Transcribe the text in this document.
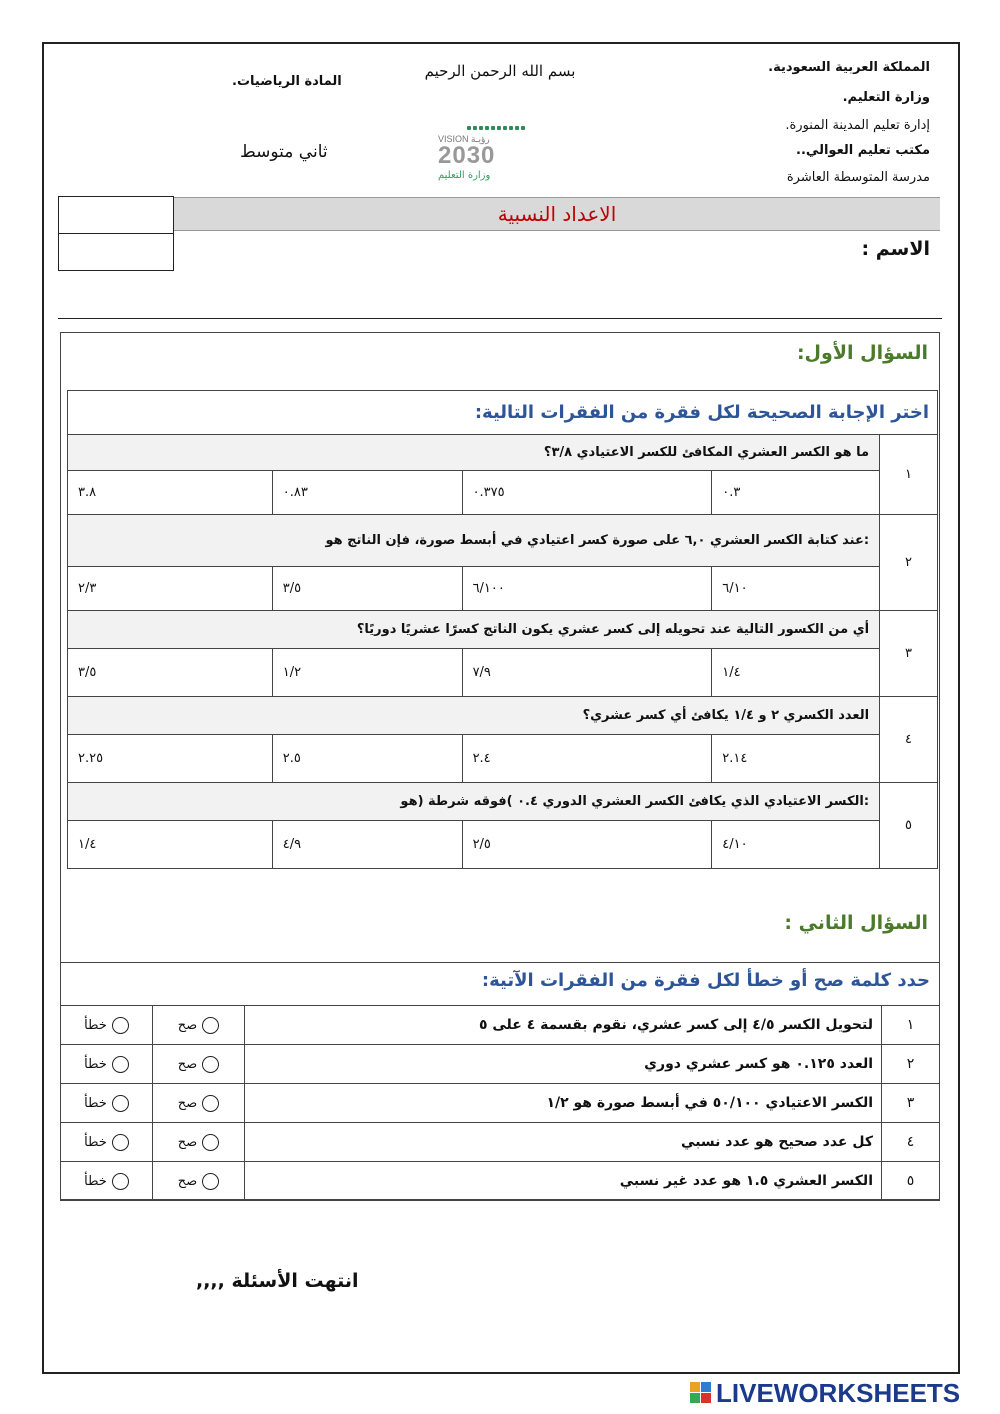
المملكة العربية السعودية.
وزارة التعليم.
إدارة تعليم المدينة المنورة.
مكتب تعليم العوالي..
مدرسة المتوسطة العاشرة
بسم الله الرحمن الرحيم
VISION رؤيـة
2030
وزارة التعليم
المادة الرياضيات.
ثاني متوسط
الاعداد النسبية
الاسم :
السؤال الأول:
اختر الإجابة الصحيحة لكل فقرة من الفقرات التالية:				

١	ما هو الكسر العشري المكافئ للكسر الاعتيادي ٣/٨؟			
	٠.٣	٠.٣٧٥	٠.٨٣	٣.٨
٢	:عند كتابة الكسر العشري ٦,٠ على صورة كسر اعتيادي في أبسط صورة، فإن الناتج هو			
	٦/١٠	٦/١٠٠	٣/٥	٢/٣
٣	أي من الكسور التالية عند تحويله إلى كسر عشري يكون الناتج كسرًا عشريًا دوريًا؟			
	١/٤	٧/٩	١/٢	٣/٥
٤	العدد الكسري ٢ و ١/٤ يكافئ أي كسر عشري؟			
	٢.١٤	٢.٤	٢.٥	٢.٢٥
٥	:الكسر الاعتيادي الذي يكافئ الكسر العشري الدوري ٠.٤ )فوقه شرطة (هو			
	٤/١٠	٢/٥	٤/٩	١/٤
السؤال الثاني :
حدد كلمة صح أو خطأ لكل فقرة من الفقرات الآتية:
١	لتحويل الكسر ٤/٥ إلى كسر عشري، نقوم بقسمة ٤ على ٥	صح	خطأ
٢	العدد ٠.١٢٥ هو كسر عشري دوري	صح	خطأ
٣	الكسر الاعتيادي ٥٠/١٠٠ في أبسط صورة هو ١/٢	صح	خطأ
٤	كل عدد صحيح هو عدد نسبي	صح	خطأ
٥	الكسر العشري ١.٥ هو عدد غير نسبي	صح	خطأ
انتهت الأسئلة ,,,,
LIVEWORKSHEETS
